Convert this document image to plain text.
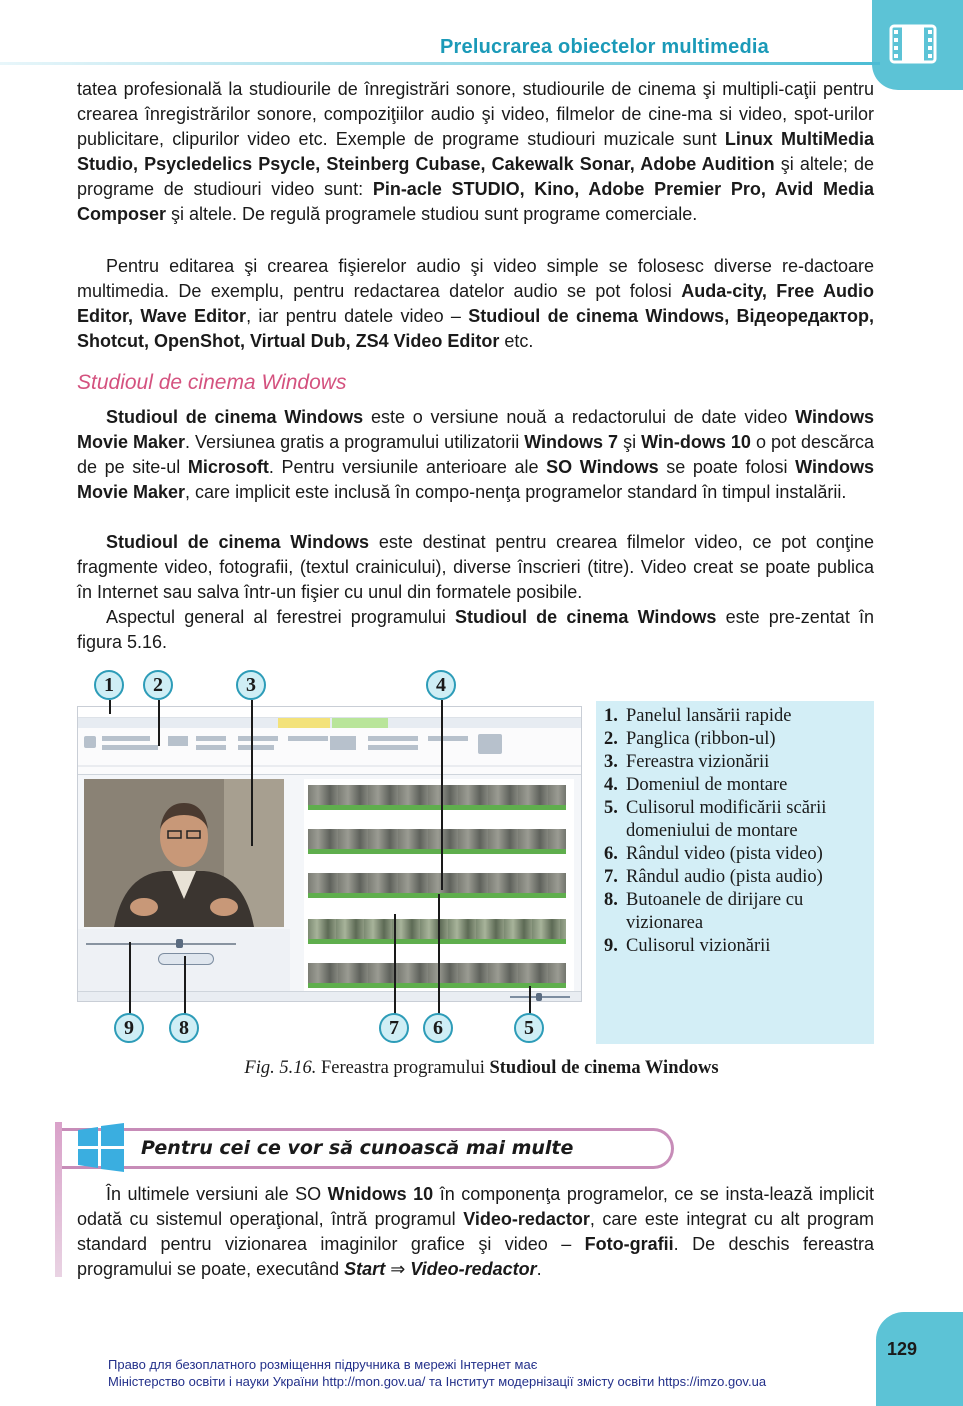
Prelucrarea obiectelor multimedia

tatea profesională la studiourile de înregistrări sonore, studiourile de cinema şi multipli-caţii pentru crearea înregistrărilor sonore, compoziţiilor audio şi video, filmelor de cine-ma si video, spot-urilor publicitare, clipurilor video etc. Exemple de programe studiouri muzicale sunt Linux MultiMedia Studio, Psycledelics Psycle, Steinberg Cubase, Cakewalk Sonar, Adobe Audition şi altele; de programe de studiouri video sunt: Pin-acle STUDIO, Kino, Adobe Premier Pro, Avid Media Composer şi altele. De regulă programele studiou sunt programe comerciale.

Pentru editarea şi crearea fişierelor audio şi video simple se folosesc diverse re-dactoare multimedia. De exemplu, pentru redactarea datelor audio se pot folosi Auda-city, Free Audio Editor, Wave Editor, iar pentru datele video – Studioul de cinema Windows, Відеоредактор, Shotcut, OpenShot, Virtual Dub, ZS4 Video Editor etc.

Studioul de cinema Windows

Studioul de cinema Windows este o versiune nouă a redactorului de date video Windows Movie Maker. Versiunea gratis a programului utilizatorii Windows 7 şi Win-dows 10 o pot descărca de pe site-ul Microsoft. Pentru versiunile anterioare ale SO Windows se poate folosi Windows Movie Maker, care implicit este inclusă în compo-nenţa programelor standard în timpul instalării.

Studioul de cinema Windows este destinat pentru crearea filmelor video, ce pot conţine fragmente video, fotografii, (textul crainicului), diverse înscrieri (titre). Video creat se poate publica în Internet sau salva într-un fişier cu unul din formatele posibile.

Aspectul general al ferestrei programului Studioul de cinema Windows este pre-zentat în figura 5.16.

1	2	3	4
9	8	7	6	5
1. Panelul lansării rapide
2. Panglica (ribbon-ul)
3. Fereastra vizionării
4. Domeniul de montare
5. Culisorul modificării scării domeniului de montare
6. Rândul video (pista video)
7. Rândul audio (pista audio)
8. Butoanele de dirijare cu vizionarea
9. Culisorul vizionării
Fig. 5.16. Fereastra programului Studioul de cinema Windows
Pentru cei ce vor să cunoască mai multe

În ultimele versiuni ale SO Wnidows 10 în componenţa programelor, ce se insta-lează implicit odată cu sistemul operaţional, întră programul Video-redactor, care este integrat cu alt program standard pentru vizionarea imaginilor grafice şi video – Foto-grafii. De deschis fereastra programului se poate, executând Start ⇒ Video-redactor.

129
Право для безоплатного розміщення підручника в мережі Інтернет має
Міністерство освіти і науки України http://mon.gov.ua/ та Інститут модернізації змісту освіти https://imzo.gov.ua
